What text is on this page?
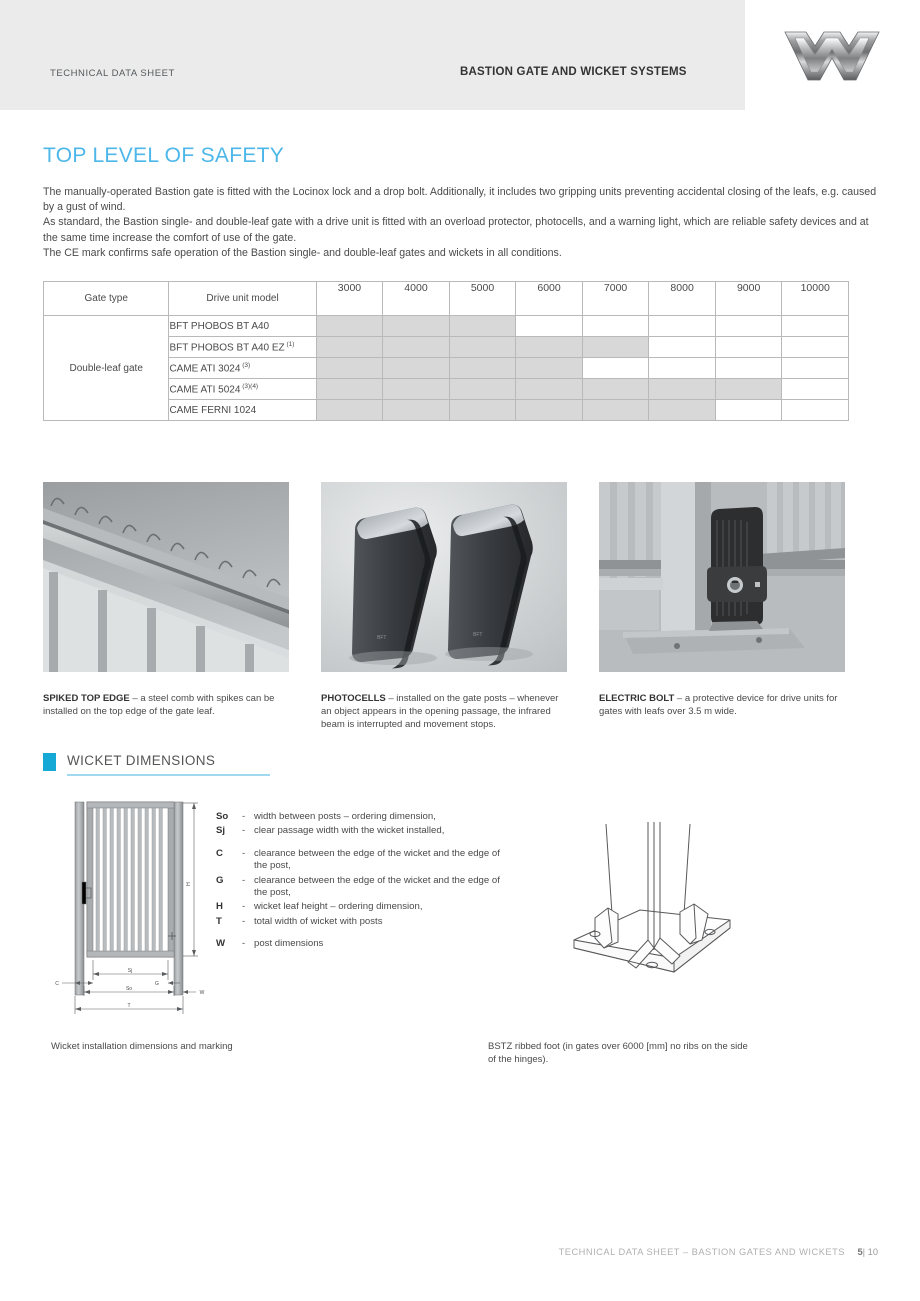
TECHNICAL DATA SHEET	BASTION GATE AND WICKET SYSTEMS
TOP LEVEL OF SAFETY

The manually-operated Bastion gate is fitted with the Locinox lock and a drop bolt. Additionally, it includes two gripping units preventing accidental closing of the leafs, e.g. caused by a gust of wind.

As standard, the Bastion single- and double-leaf gate with a drive unit is fitted with an overload protector, photocells, and a warning light, which are reliable safety devices and at the same time increase the comfort of use of the gate.

The CE mark confirms safe operation of the Bastion single- and double-leaf gates and wickets in all conditions.

Gate type	Drive unit model	3000	4000	5000	6000	7000	8000	9000	10000
Double-leaf gate	BFT PHOBOS BT A40								
	BFT PHOBOS BT A40 EZ $^{(1)}$								
	CAME ATI 3024 $^{(3)}$								
	CAME ATI 5024 $^{(3)(4)}$								
	CAME FERNI 1024								
BFT	BFT
SPIKED TOP EDGE – a steel comb with spikes can be installed on the top edge of the gate leaf.
PHOTOCELLS – installed on the gate posts – whenever an object appears in the opening passage, the infrared beam is interrupted and movement stops.
ELECTRIC BOLT – a protective device for drive units for gates with leafs over 3.5 m wide.
WICKET DIMENSIONS
H
Sj
C	G
So
W
T
So	- width between posts – ordering dimension,
Sj	- clear passage width with the wicket installed,
C	- clearance between the edge of the wicket and the edge of the post,
G	- clearance between the edge of the wicket and the edge of the post,
H	- wicket leaf height – ordering dimension,
T	- total width of wicket with posts
W	- post dimensions
Wicket installation dimensions and marking	BSTZ ribbed foot (in gates over 6000 [mm] no ribs on the side of the hinges).
TECHNICAL DATA SHEET – BASTION GATES AND WICKETS 5| 10
